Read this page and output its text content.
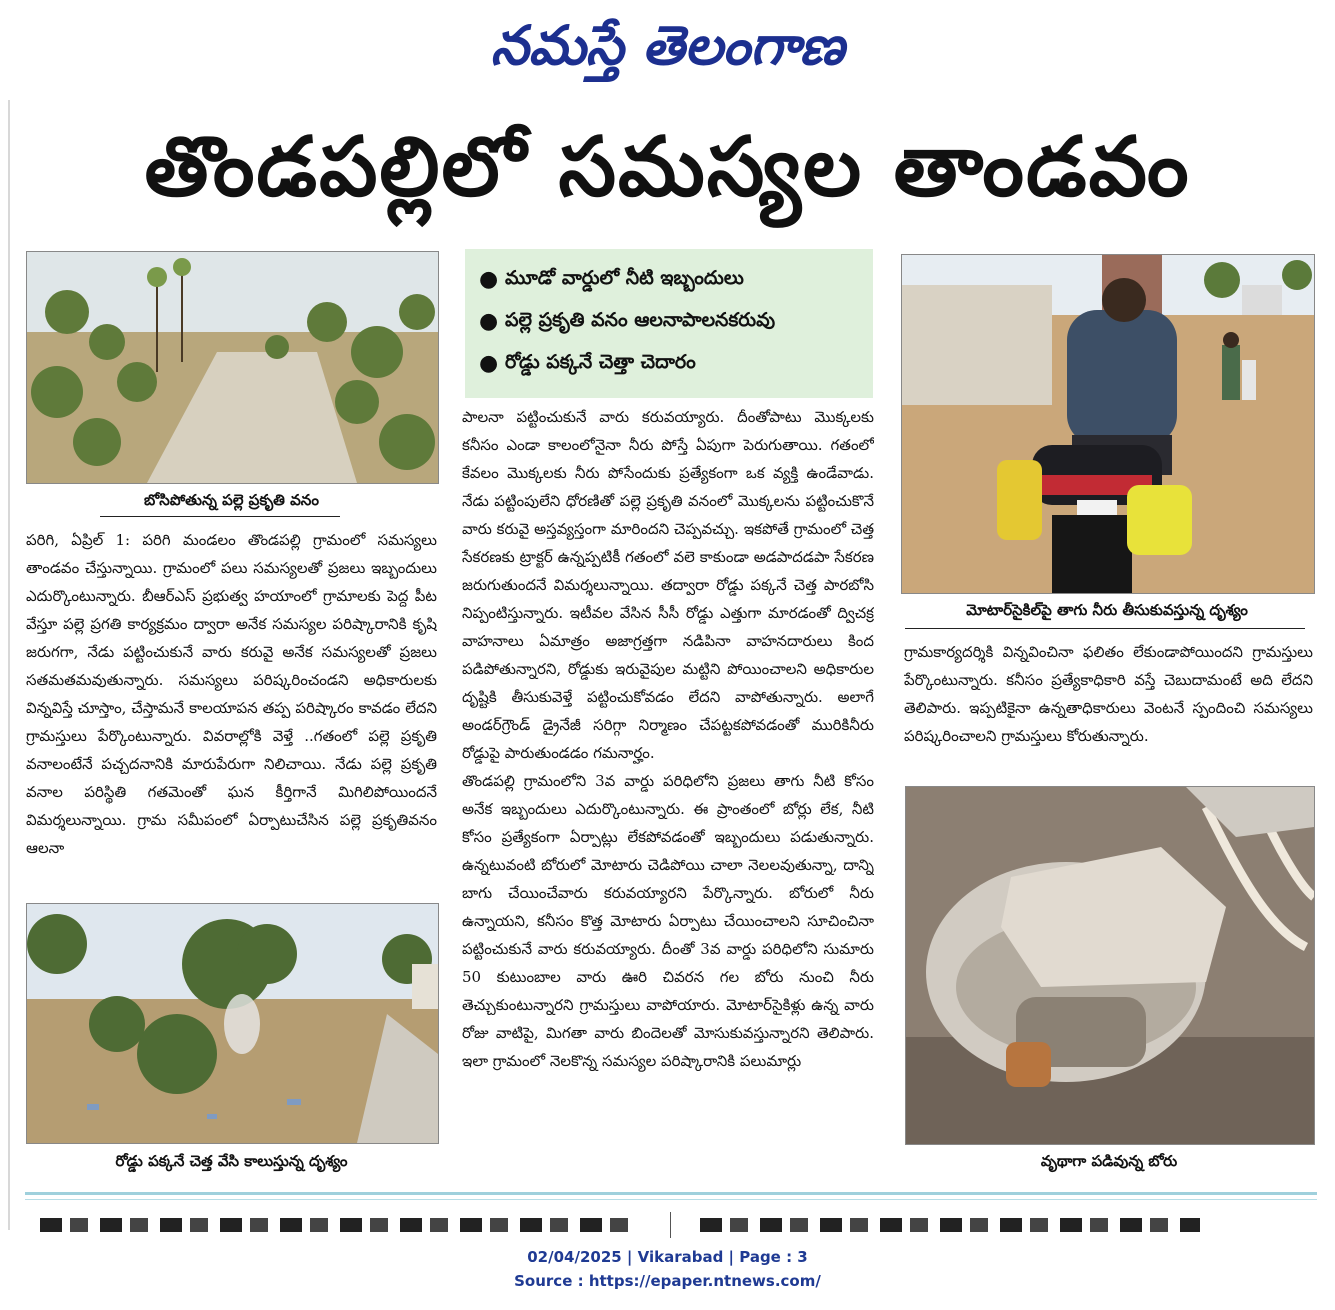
నమస్తే తెలంగాణ
తొండపల్లిలో సమస్యల తాండవం
బోసిపోతున్న పల్లె ప్రకృతి వనం

పరిగి, ఏప్రిల్ 1: పరిగి మండలం తొండపల్లి గ్రామంలో సమస్యలు తాండవం చేస్తున్నాయి. గ్రామంలో పలు సమస్యలతో ప్రజలు ఇబ్బందులు ఎదుర్కొంటున్నారు. బీఆర్ఎస్ ప్రభుత్వ హయాంలో గ్రామాలకు పెద్ద పీట వేస్తూ పల్లె ప్రగతి కార్యక్రమం ద్వారా అనేక సమస్యల పరిష్కారానికి కృషి జరుగగా, నేడు పట్టించుకునే వారు కరువై అనేక సమస్యలతో ప్రజలు సతమతమవుతున్నారు. సమస్యలు పరిష్కరించండని అధికారులకు విన్నవిస్తే చూస్తాం, చేస్తామనే కాలయాపన తప్ప పరిష్కారం కావడం లేదని గ్రామస్తులు పేర్కొంటున్నారు. వివరాల్లోకి వెళ్తే ..గతంలో పల్లె ప్రకృతి వనాలంటేనే పచ్చదనానికి మారుపేరుగా నిలిచాయి. నేడు పల్లె ప్రకృతి వనాల పరిస్థితి గతమెంతో ఘన కీర్తిగానే మిగిలిపోయిందనే విమర్శలున్నాయి. గ్రామ సమీపంలో ఏర్పాటుచేసిన పల్లె ప్రకృతివనం ఆలనా

రోడ్డు పక్కనే చెత్త వేసి కాలుస్తున్న దృశ్యం
● మూడో వార్డులో నీటి ఇబ్బందులు
● పల్లె ప్రకృతి వనం ఆలనాపాలనకరువు
● రోడ్డు పక్కనే చెత్తా చెదారం

పాలనా పట్టించుకునే వారు కరువయ్యారు. దీంతోపాటు మొక్కలకు కనీసం ఎండా కాలంలోనైనా నీరు పోస్తే ఏపుగా పెరుగుతాయి. గతంలో కేవలం మొక్కలకు నీరు పోసేందుకు ప్రత్యేకంగా ఒక వ్యక్తి ఉండేవాడు. నేడు పట్టింపులేని ధోరణితో పల్లె ప్రకృతి వనంలో మొక్కలను పట్టించుకొనే వారు కరువై అస్తవ్యస్తంగా మారిందని చెప్పవచ్చు. ఇకపోతే గ్రామంలో చెత్త సేకరణకు ట్రాక్టర్ ఉన్నప్పటికీ గతంలో వలె కాకుండా అడపాదడపా సేకరణ జరుగుతుందనే విమర్శలున్నాయి. తద్వారా రోడ్డు పక్కనే చెత్త పారబోసి నిప్పంటిస్తున్నారు. ఇటీవల వేసిన సీసీ రోడ్డు ఎత్తుగా మారడంతో ద్విచక్ర వాహనాలు ఏమాత్రం అజాగ్రత్తగా నడిపినా వాహనదారులు కింద పడిపోతున్నారని, రోడ్డుకు ఇరువైపుల మట్టిని పోయించాలని అధికారుల దృష్టికి తీసుకువెళ్తే పట్టించుకోవడం లేదని వాపోతున్నారు. అలాగే అండర్‌గ్రౌండ్ డ్రైనేజీ సరిగ్గా నిర్మాణం చేపట్టకపోవడంతో మురికినీరు రోడ్డుపై పారుతుండడం గమనార్హం.

తొండపల్లి గ్రామంలోని 3వ వార్డు పరిధిలోని ప్రజలు తాగు నీటి కోసం అనేక ఇబ్బందులు ఎదుర్కొంటున్నారు. ఈ ప్రాంతంలో బోర్లు లేక, నీటి కోసం ప్రత్యేకంగా ఏర్పాట్లు లేకపోవడంతో ఇబ్బందులు పడుతున్నారు. ఉన్నటువంటి బోరులో మోటారు చెడిపోయి చాలా నెలలవుతున్నా, దాన్ని బాగు చేయించేవారు కరువయ్యారని పేర్కొన్నారు. బోరులో నీరు ఉన్నాయని, కనీసం కొత్త మోటారు ఏర్పాటు చేయించాలని సూచించినా పట్టించుకునే వారు కరువయ్యారు. దీంతో 3వ వార్డు పరిధిలోని సుమారు 50 కుటుంబాల వారు ఊరి చివరన గల బోరు నుంచి నీరు తెచ్చుకుంటున్నారని గ్రామస్తులు వాపోయారు. మోటార్‌సైకిళ్లు ఉన్న వారు రోజు వాటిపై, మిగతా వారు బిందెలతో మోసుకువస్తున్నారని తెలిపారు. ఇలా గ్రామంలో నెలకొన్న సమస్యల పరిష్కారానికి పలుమార్లు

మోటార్‌సైకిల్‌పై తాగు నీరు తీసుకువస్తున్న దృశ్యం

గ్రామకార్యదర్శికి విన్నవించినా ఫలితం లేకుండాపోయిందని గ్రామస్తులు పేర్కొంటున్నారు. కనీసం ప్రత్యేకాధికారి వస్తే చెబుదామంటే అది లేదని తెలిపారు. ఇప్పటికైనా ఉన్నతాధికారులు వెంటనే స్పందించి సమస్యలు పరిష్కరించాలని గ్రామస్తులు కోరుతున్నారు.

వృథాగా పడివున్న బోరు
02/04/2025 | Vikarabad | Page : 3
Source : https://epaper.ntnews.com/
